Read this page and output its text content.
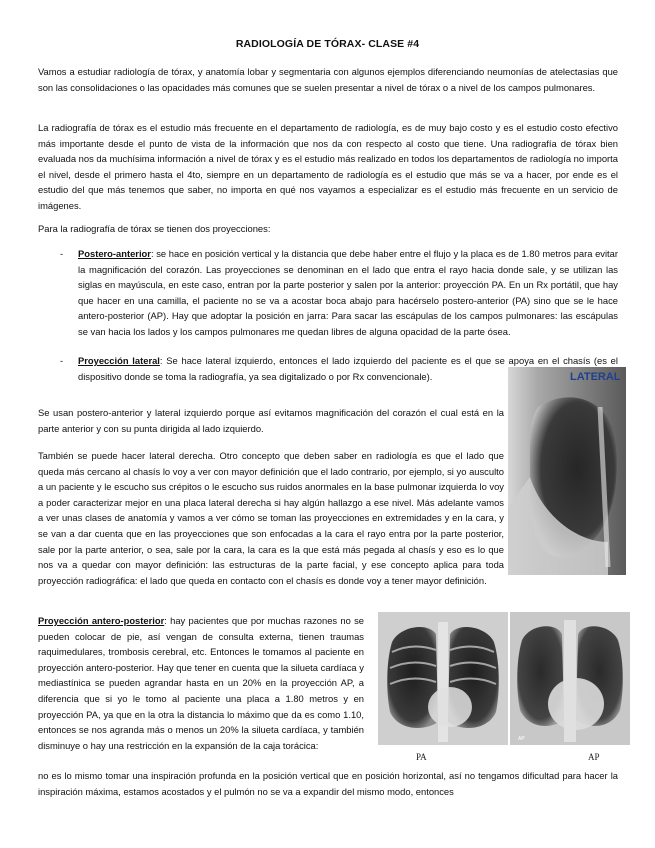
RADIOLOGÍA DE TÓRAX- CLASE #4

Vamos a estudiar radiología de tórax, y anatomía lobar y segmentaria con algunos ejemplos diferenciando neumonías de atelectasias que son las consolidaciones o las opacidades más comunes que se suelen presentar a nivel de tórax o a nivel de los campos pulmonares.

La radiografía de tórax es el estudio más frecuente en el departamento de radiología, es de muy bajo costo y es el estudio costo efectivo más importante desde el punto de vista de la información que nos da con respecto al costo que tiene. Una radiografía de tórax bien evaluada nos da muchísima información a nivel de tórax y es el estudio más realizado en todos los departamentos de radiología no importa el nivel, desde el primero hasta el 4to, siempre en un departamento de radiología es el estudio que más se va a hacer, por ende es el estudio del que más tenemos que saber, no importa en qué nos vayamos a especializar es el estudio más frecuente en un servicio de imágenes.

Para la radiografía de tórax se tienen dos proyecciones:

- Postero-anterior: se hace en posición vertical y la distancia que debe haber entre el flujo y la placa es de 1.80 metros para evitar la magnificación del corazón. Las proyecciones se denominan en el lado que entra el rayo hacia donde sale, y se utilizan las siglas en mayúscula, en este caso, entran por la parte posterior y salen por la anterior: proyección PA. En un Rx portátil, que hay que hacer en una camilla, el paciente no se va a acostar boca abajo para hacérselo postero-anterior (PA) sino que se le hace antero-posterior (AP). Hay que adoptar la posición en jarra: Para sacar las escápulas de los campos pulmonares: las escápulas se van hacia los lados y los campos pulmonares me quedan libres de alguna opacidad de la parte ósea.

- Proyección lateral: Se hace lateral izquierdo, entonces el lado izquierdo del paciente es el que se apoya en el chasís (es el dispositivo donde se toma la radiografía, ya sea digitalizado o por Rx convencionale).	LATERAL

Se usan postero-anterior y lateral izquierdo porque así evitamos magnificación del corazón el cual está en la parte anterior y con su punta dirigida al lado izquierdo.

También se puede hacer lateral derecha. Otro concepto que deben saber en radiología es que el lado que queda más cercano al chasís lo voy a ver con mayor definición que el lado contrario, por ejemplo, si yo ausculto a un paciente y le escucho sus crépitos o le escucho sus ruidos anormales en la base pulmonar izquierda lo voy a poder caracterizar mejor en una placa lateral derecha si hay algún hallazgo a ese nivel. Más adelante vamos a ver unas clases de anatomía y vamos a ver cómo se toman las proyecciones en extremidades y en la cara, y se van a dar cuenta que en las proyecciones que son enfocadas a la cara el rayo entra por la parte posterior, sale por la parte anterior, o sea, sale por la cara, la cara es la que está más pegada al chasís y eso es lo que nos va a quedar con mayor definición: las estructuras de la parte facial, y ese concepto aplica para toda proyección radiográfica: el lado que queda en contacto con el chasís es donde voy a tener mayor definición.

Proyección antero-posterior: hay pacientes que por muchas razones no se pueden colocar de pie, así vengan de consulta externa, tienen traumas raquimedulares, trombosis cerebral, etc. Entonces le tomamos al paciente en proyección antero-posterior. Hay que tener en cuenta que la silueta cardíaca y mediastínica se pueden agrandar hasta en un 20% en la proyección AP, a diferencia que si yo le tomo al paciente una placa a 1.80 metros y en proyección PA, ya que en la otra la distancia lo máximo que da es como 1.10, entonces se nos agranda más o menos un 20% la silueta cardíaca, y también disminuye o hay una restricción en la expansión de la caja torácica:

AP
PA	AP

no es lo mismo tomar una inspiración profunda en la posición vertical que en posición horizontal, así no tengamos dificultad para hacer la inspiración máxima, estamos acostados y el pulmón no se va a expandir del mismo modo, entonces
